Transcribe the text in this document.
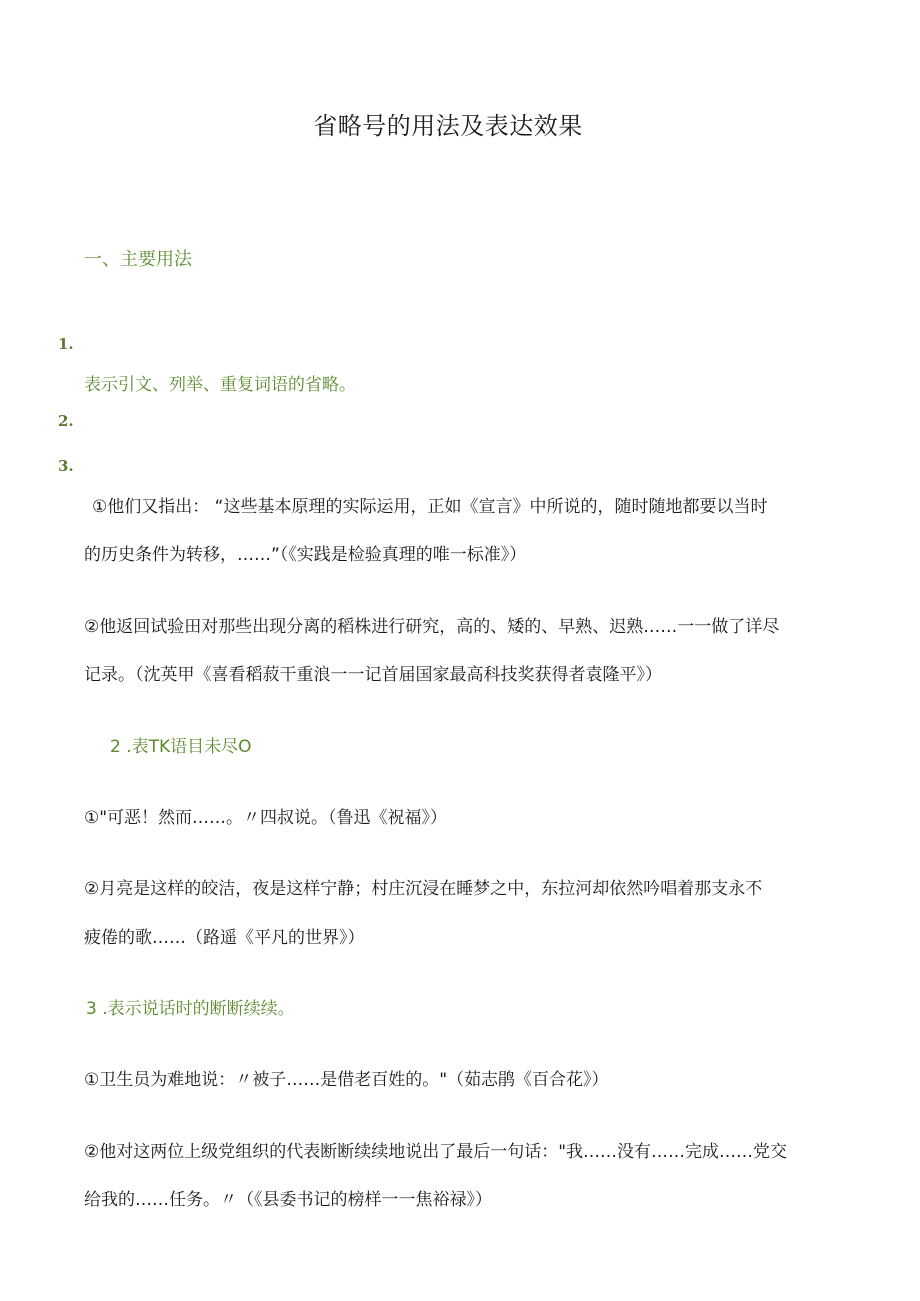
省略号的用法及表达效果
一、主要用法
1.
表示引文、列举、重复词语的省略。
2.
3.
①他们又指出： “这些基本原理的实际运用，正如《宣言》中所说的，随时随地都要以当时
的历史条件为转移，……”（《实践是检验真理的唯一标准》）
②他返回试验田对那些出现分离的稻株进行研究，高的、矮的、早熟、迟熟……一一做了详尽
记录。（沈英甲《喜看稻菽干重浪一一记首届国家最高科技奖获得者袁隆平》）
2 .表TK语目未尽O
①"可恶！然而……。〃四叔说。（鲁迅《祝福》）
②月亮是这样的皎洁，夜是这样宁静；村庄沉浸在睡梦之中，东拉河却依然吟唱着那支永不
疲倦的歌……（路遥《平凡的世界》）
3 .表示说话时的断断续续。
①卫生员为难地说：〃被子……是借老百姓的。"（茹志鹃《百合花》）
②他对这两位上级党组织的代表断断续续地说出了最后一句话："我……没有……完成……党交
给我的……任务。〃（《县委书记的榜样一一焦裕禄》）
